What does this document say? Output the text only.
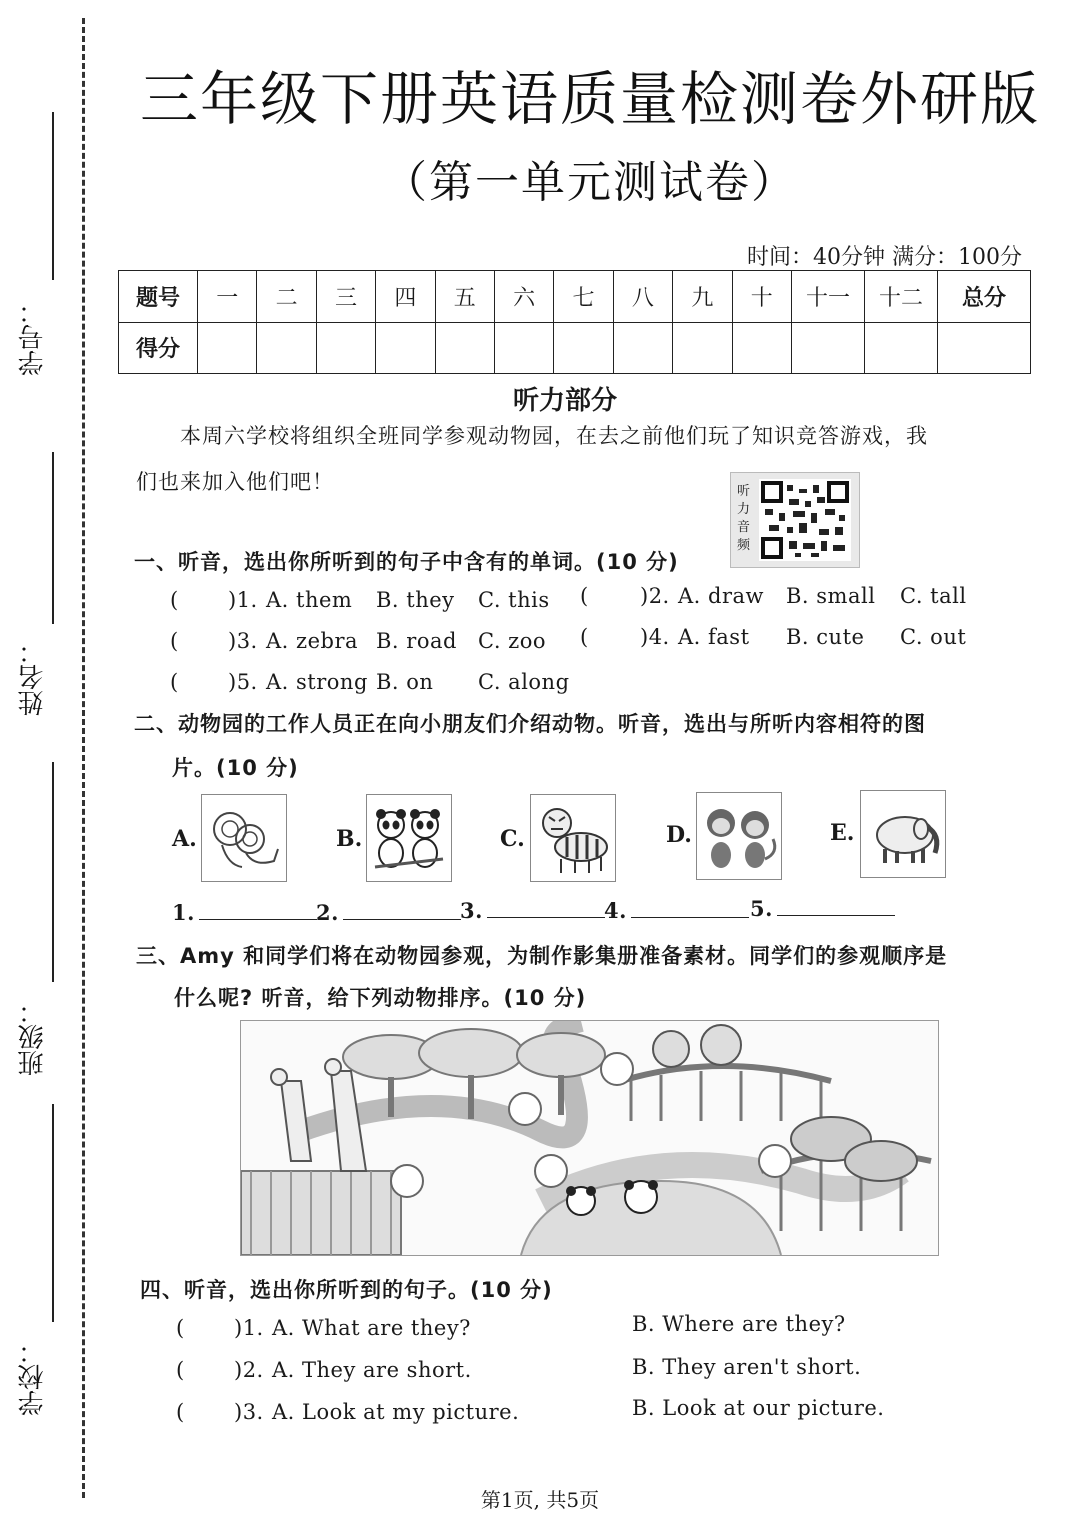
学号：
姓名：
班级：
学校：
三年级下册英语质量检测卷外研版
（第一单元测试卷）
时间：40分钟 满分：100分
题号	一	二	三	四	五	六	七	八	九	十	十一	十二	总分
得分													
听力部分
本周六学校将组织全班同学参观动物园，在去之前他们玩了知识竞答游戏，我
们也来加入他们吧！	听力音频
一、听音，选出你所听到的句子中含有的单词。(10 分)
( )1. A. them B. they C. this ( )2. A. draw B. small C. tall
( )3. A. zebra B. road C. zoo ( )4. A. fast B. cute C. out
( )5. A. strong B. on C. along
二、动物园的工作人员正在向小朋友们介绍动物。听音，选出与所听内容相符的图
片。(10 分)
A.	B.	C.	D.	E.
1.	2.	3.	4.	5.
三、Amy 和同学们将在动物园参观，为制作影集册准备素材。同学们的参观顺序是
什么呢? 听音，给下列动物排序。(10 分)
四、听音，选出你所听到的句子。(10 分)
( )1. A. What are they?	B. Where are they?
( )2. A. They are short.	B. They aren't short.
( )3. A. Look at my picture.	B. Look at our picture.
第1页, 共5页
